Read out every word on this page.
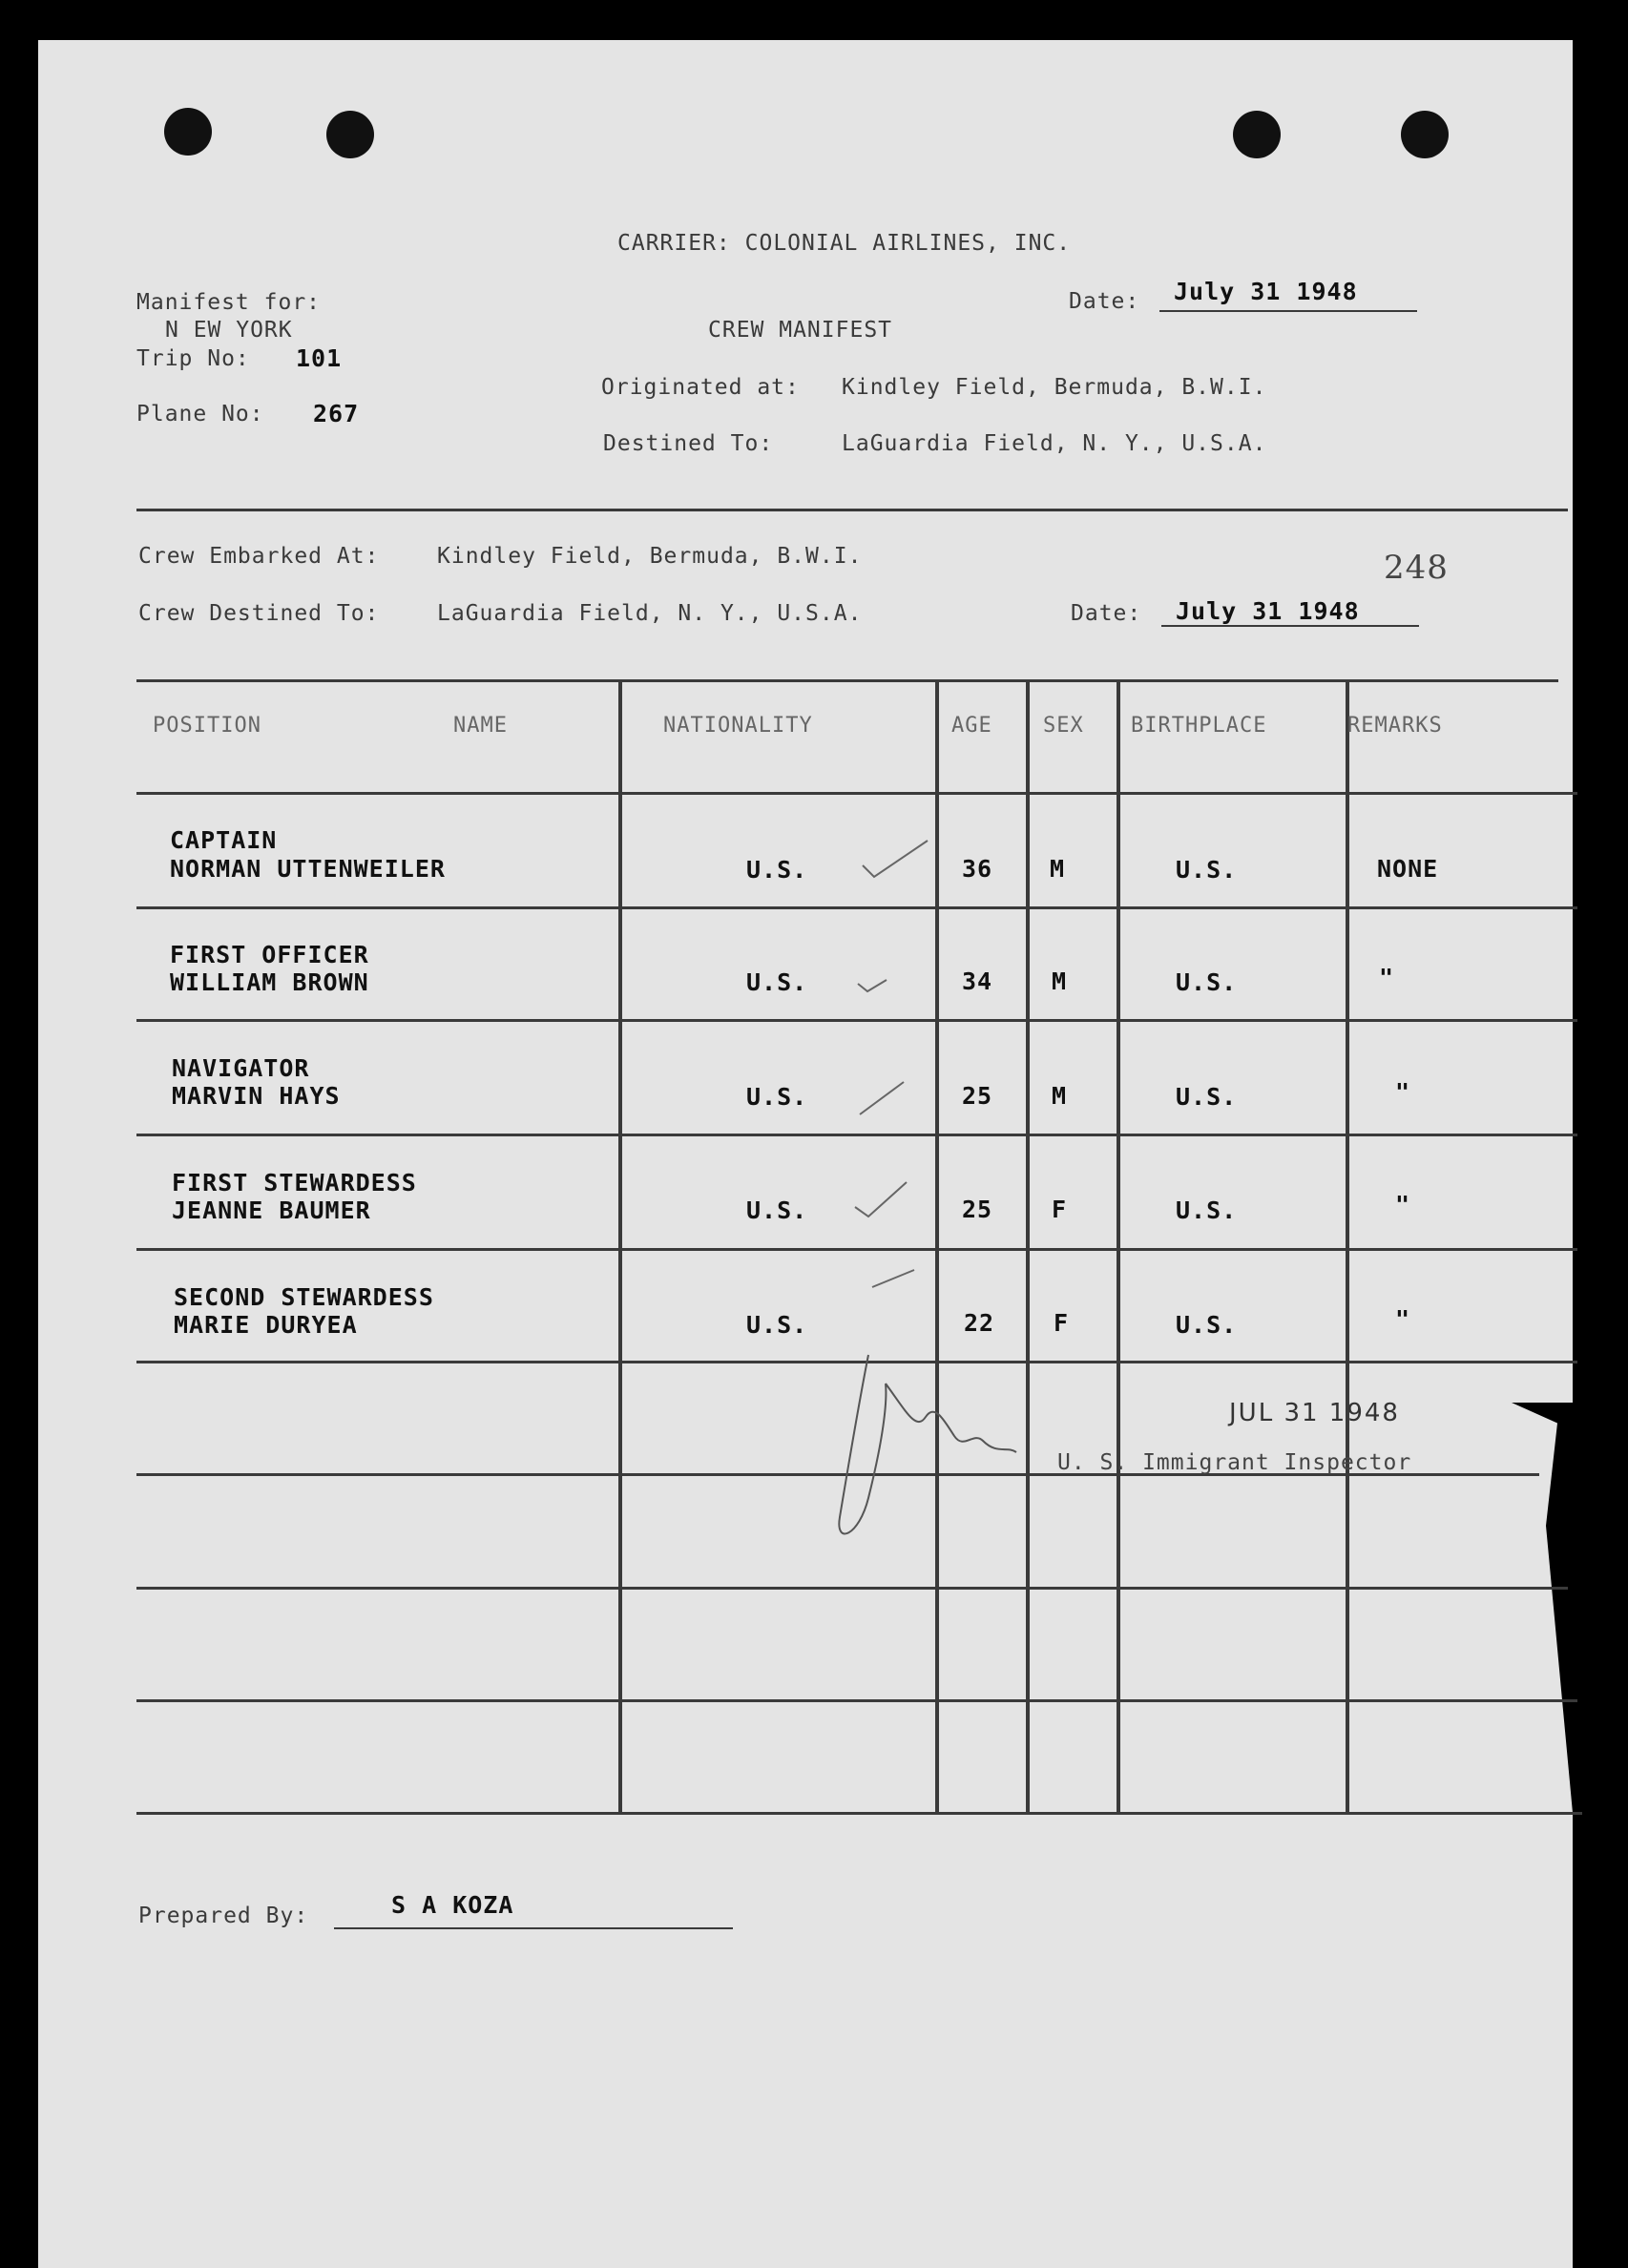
CARRIER: COLONIAL AIRLINES, INC.
Manifest for:
N EW YORK
Trip No: 101
Plane No: 267
Date: July 31 1948
CREW MANIFEST
Originated at: Kindley Field, Bermuda, B.W.I.
Destined To:	LaGuardia Field, N. Y., U.S.A.
Crew Embarked At:	Kindley Field, Bermuda, B.W.I.
Crew Destined To:	LaGuardia Field, N. Y., U.S.A.
248
Date: July 31 1948
POSITION	NAME	NATIONALITY	AGE SEX BIRTHPLACE	REMARKS
CAPTAIN
NORMAN UTTENWEILER	U.S.	36 M	U.S.	NONE
FIRST OFFICER
WILLIAM BROWN	U.S.	34 M	U.S.	"
NAVIGATOR
MARVIN HAYS	U.S.	25 M	U.S.	"
FIRST STEWARDESS
JEANNE BAUMER	U.S.	25 F	U.S.	"
SECOND STEWARDESS
MARIE DURYEA	U.S.	22 F	U.S.	"
JUL 31 1948
U. S. Immigrant Inspector
Prepared By:	S A KOZA
